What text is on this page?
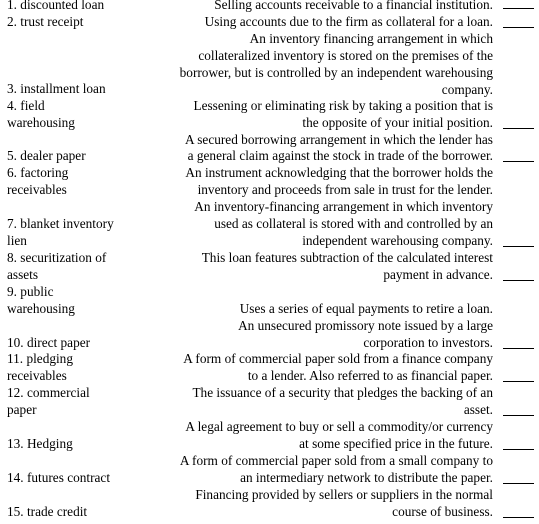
1. discounted loan
2. trust receipt
3. installment loan
4. field
warehousing
5. dealer paper
6. factoring
receivables
7. blanket inventory
lien
8. securitization of
assets
9. public
warehousing
10. direct paper
11. pledging
receivables
12. commercial
paper
13. Hedging
14. futures contract
15. trade credit
Selling accounts receivable to a financial institution.
Using accounts due to the firm as collateral for a loan.
An inventory financing arrangement in which
collateralized inventory is stored on the premises of the
borrower, but is controlled by an independent warehousing
company.
Lessening or eliminating risk by taking a position that is
the opposite of your initial position.
A secured borrowing arrangement in which the lender has
a general claim against the stock in trade of the borrower.
An instrument acknowledging that the borrower holds the
inventory and proceeds from sale in trust for the lender.
An inventory-financing arrangement in which inventory
used as collateral is stored with and controlled by an
independent warehousing company.
This loan features subtraction of the calculated interest
payment in advance.
Uses a series of equal payments to retire a loan.
An unsecured promissory note issued by a large
corporation to investors.
A form of commercial paper sold from a finance company
to a lender. Also referred to as financial paper.
The issuance of a security that pledges the backing of an
asset.
A legal agreement to buy or sell a commodity/or currency
at some specified price in the future.
A form of commercial paper sold from a small company to
an intermediary network to distribute the paper.
Financing provided by sellers or suppliers in the normal
course of business.
